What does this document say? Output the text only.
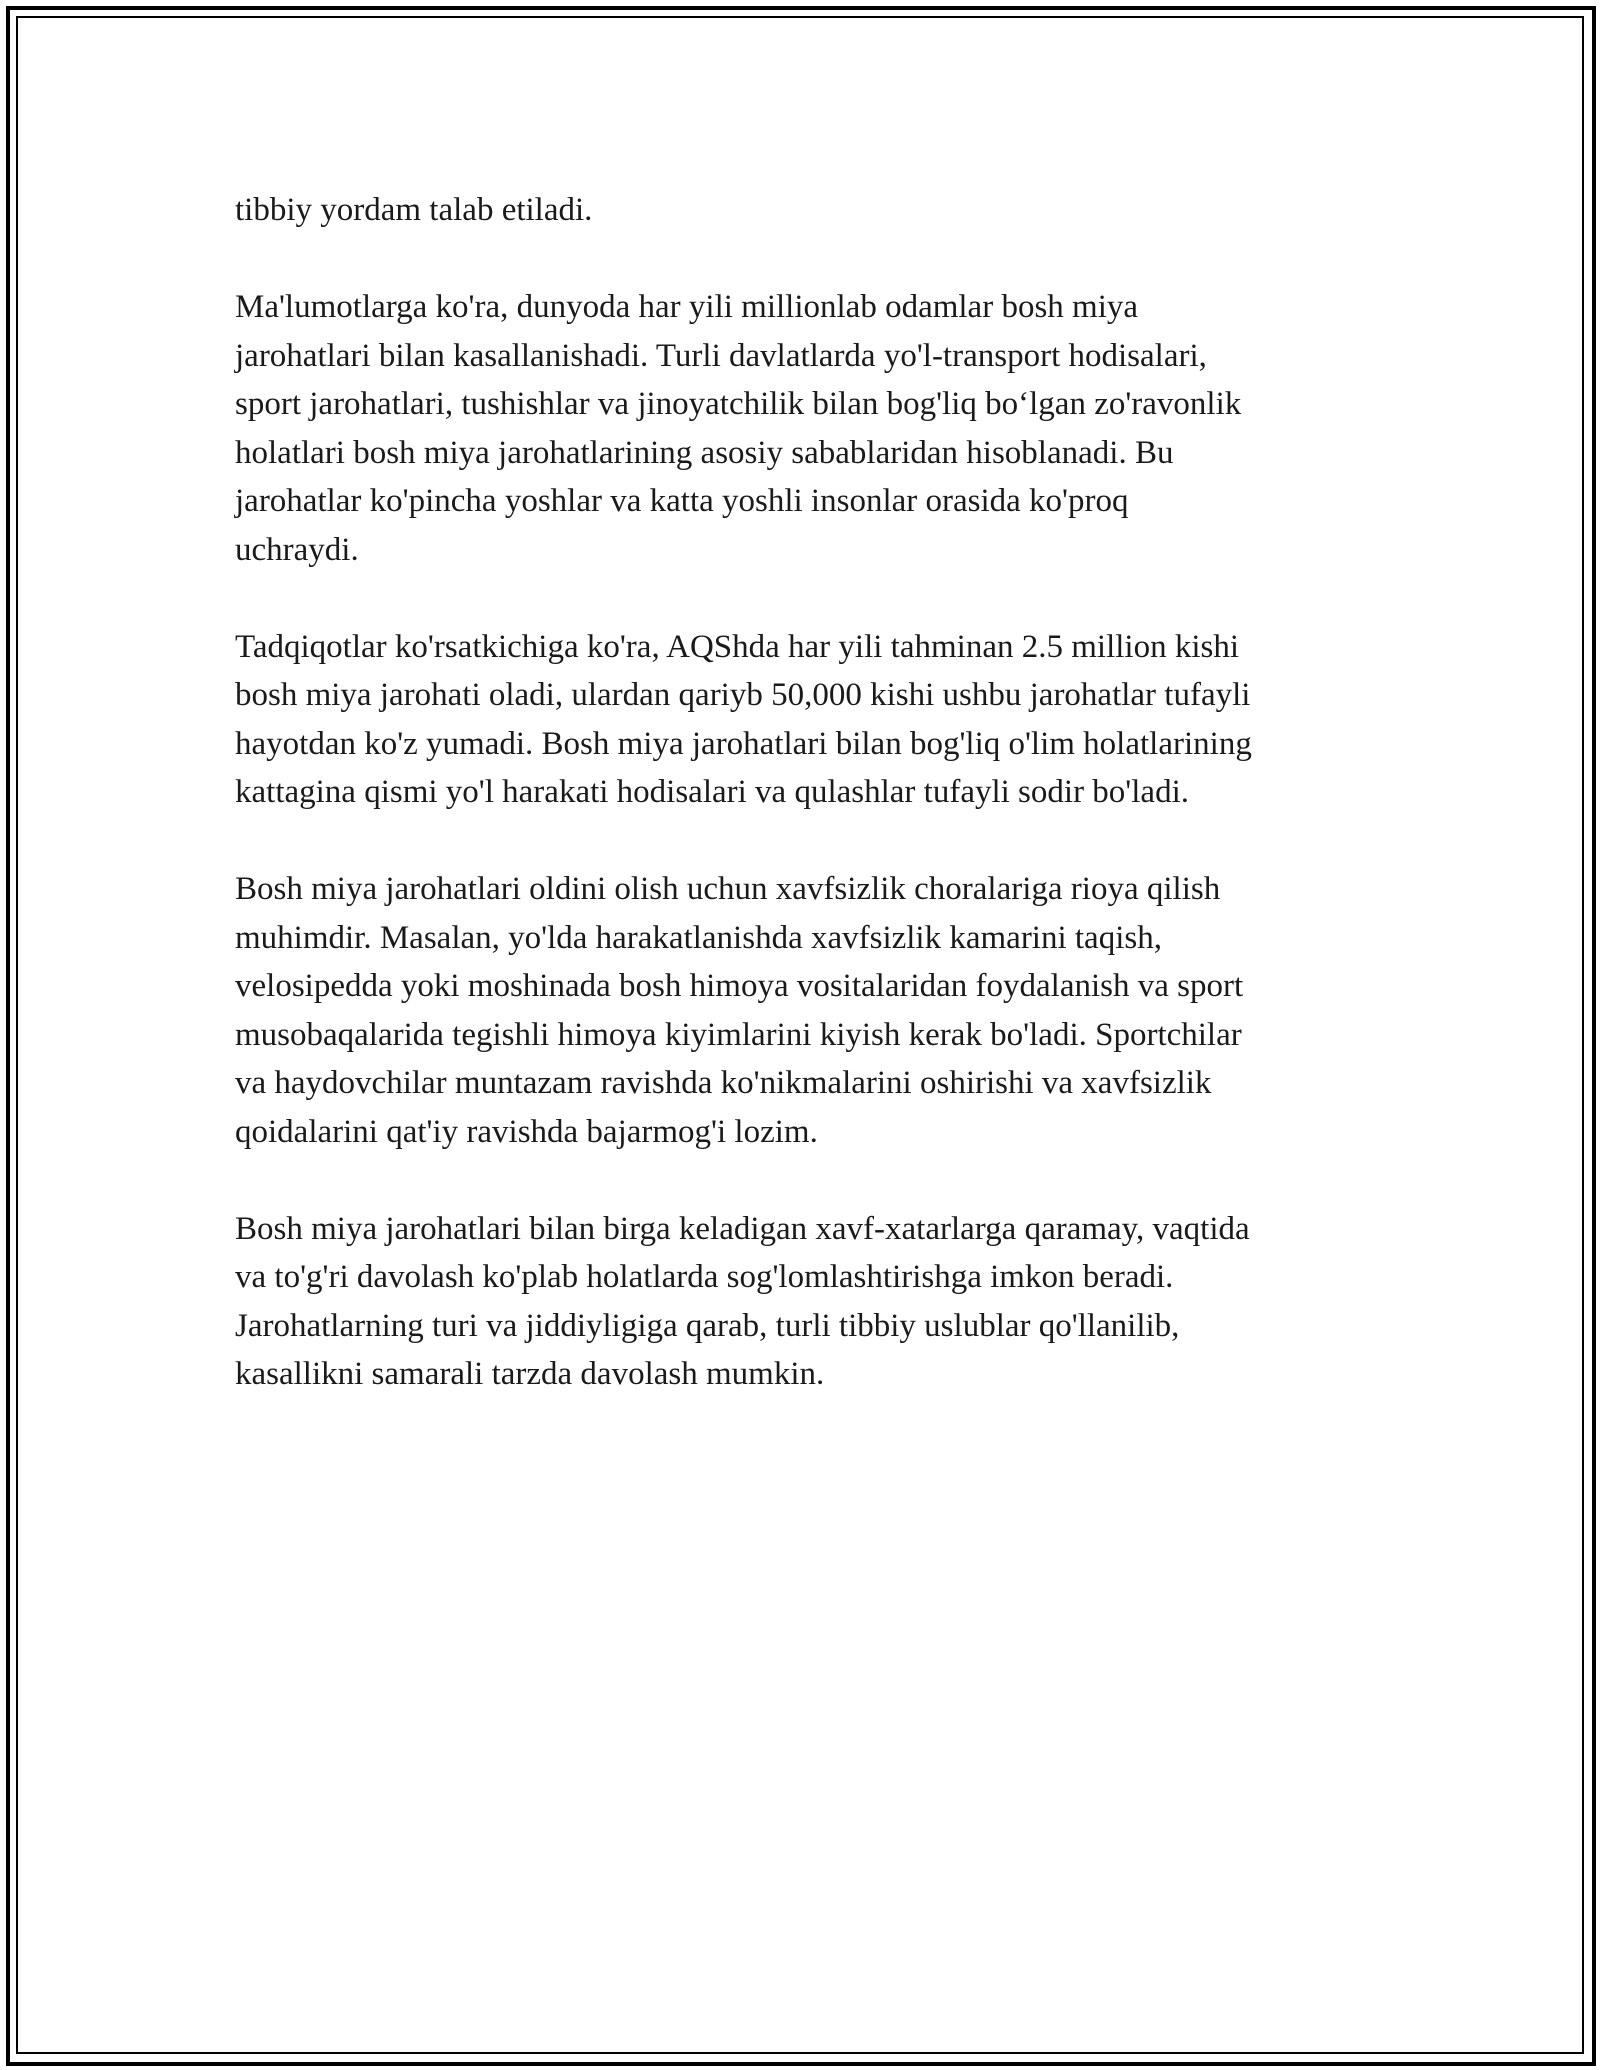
tibbiy yordam talab etiladi.

Ma'lumotlarga ko'ra, dunyoda har yili millionlab odamlar bosh miya
jarohatlari bilan kasallanishadi. Turli davlatlarda yo'l-transport hodisalari,
sport jarohatlari, tushishlar va jinoyatchilik bilan bog'liq bo‘lgan zo'ravonlik
holatlari bosh miya jarohatlarining asosiy sabablaridan hisoblanadi. Bu
jarohatlar ko'pincha yoshlar va katta yoshli insonlar orasida ko'proq
uchraydi.

Tadqiqotlar ko'rsatkichiga ko'ra, AQShda har yili tahminan 2.5 million kishi
bosh miya jarohati oladi, ulardan qariyb 50,000 kishi ushbu jarohatlar tufayli
hayotdan ko'z yumadi. Bosh miya jarohatlari bilan bog'liq o'lim holatlarining
kattagina qismi yo'l harakati hodisalari va qulashlar tufayli sodir bo'ladi.

Bosh miya jarohatlari oldini olish uchun xavfsizlik choralariga rioya qilish
muhimdir. Masalan, yo'lda harakatlanishda xavfsizlik kamarini taqish,
velosipedda yoki moshinada bosh himoya vositalaridan foydalanish va sport
musobaqalarida tegishli himoya kiyimlarini kiyish kerak bo'ladi. Sportchilar
va haydovchilar muntazam ravishda ko'nikmalarini oshirishi va xavfsizlik
qoidalarini qat'iy ravishda bajarmog'i lozim.

Bosh miya jarohatlari bilan birga keladigan xavf-xatarlarga qaramay, vaqtida
va to'g'ri davolash ko'plab holatlarda sog'lomlashtirishga imkon beradi.
Jarohatlarning turi va jiddiyligiga qarab, turli tibbiy uslublar qo'llanilib,
kasallikni samarali tarzda davolash mumkin.
